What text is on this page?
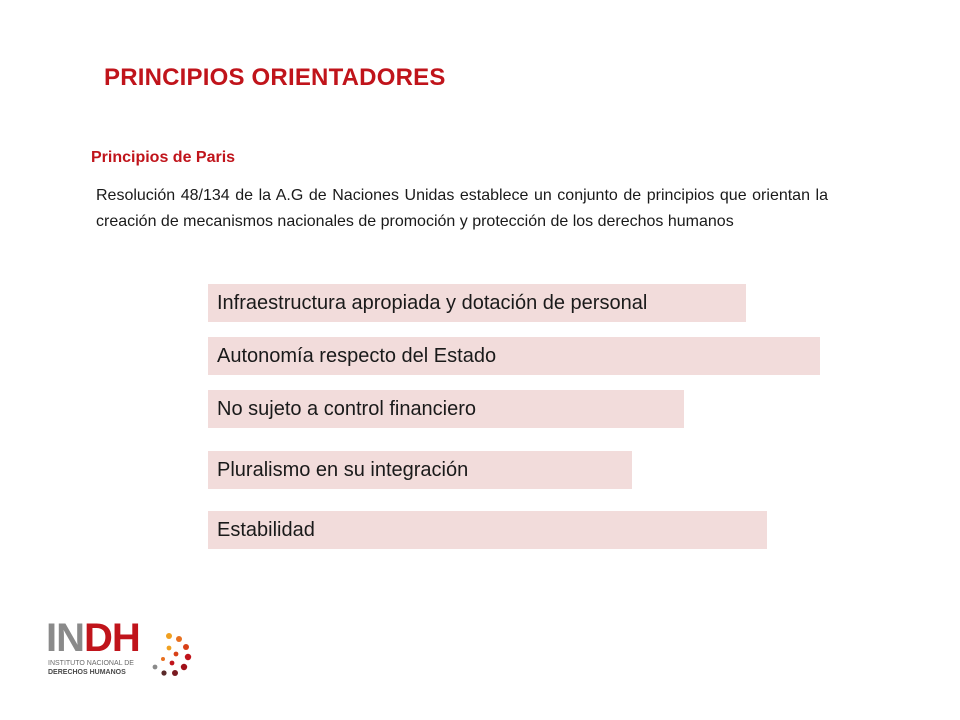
PRINCIPIOS ORIENTADORES
Principios de Paris
Resolución 48/134 de la A.G de Naciones Unidas establece un conjunto de principios que orientan la creación de mecanismos nacionales de promoción y protección de los derechos humanos
Infraestructura apropiada y dotación de personal
Autonomía respecto del Estado
No sujeto a control financiero
Pluralismo en su integración
Estabilidad
INDH
INSTITUTO NACIONAL DE
DERECHOS HUMANOS
